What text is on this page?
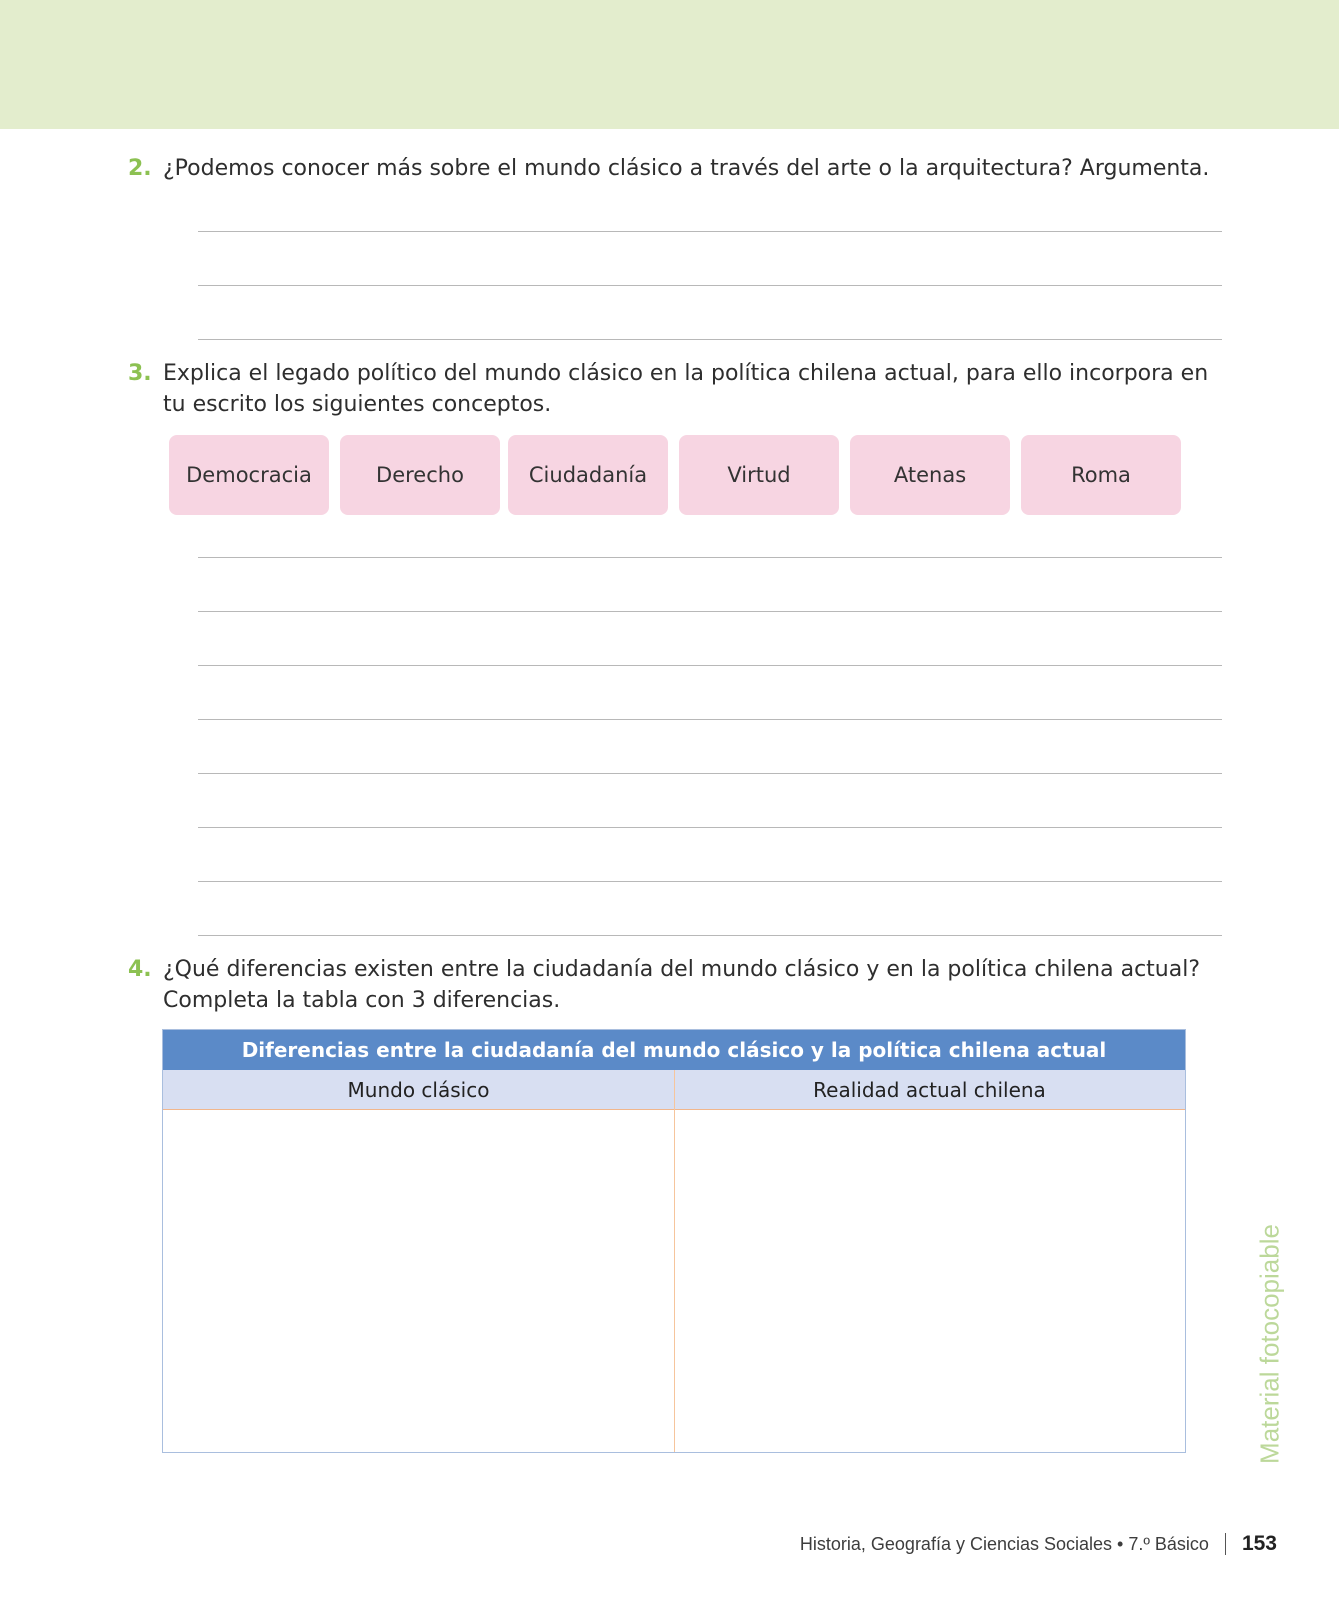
2. ¿Podemos conocer más sobre el mundo clásico a través del arte o la arquitectura? Argumenta.
3. Explica el legado político del mundo clásico en la política chilena actual, para ello incorpora en tu escrito los siguientes conceptos.
Democracia	Derecho	Ciudadanía	Virtud	Atenas	Roma
4. ¿Qué diferencias existen entre la ciudadanía del mundo clásico y en la política chilena actual? Completa la tabla con 3 diferencias.
Diferencias entre la ciudadanía del mundo clásico y la política chilena actual
Mundo clásico	Realidad actual chilena
Material fotocopiable
Historia, Geografía y Ciencias Sociales • 7.º Básico 153
